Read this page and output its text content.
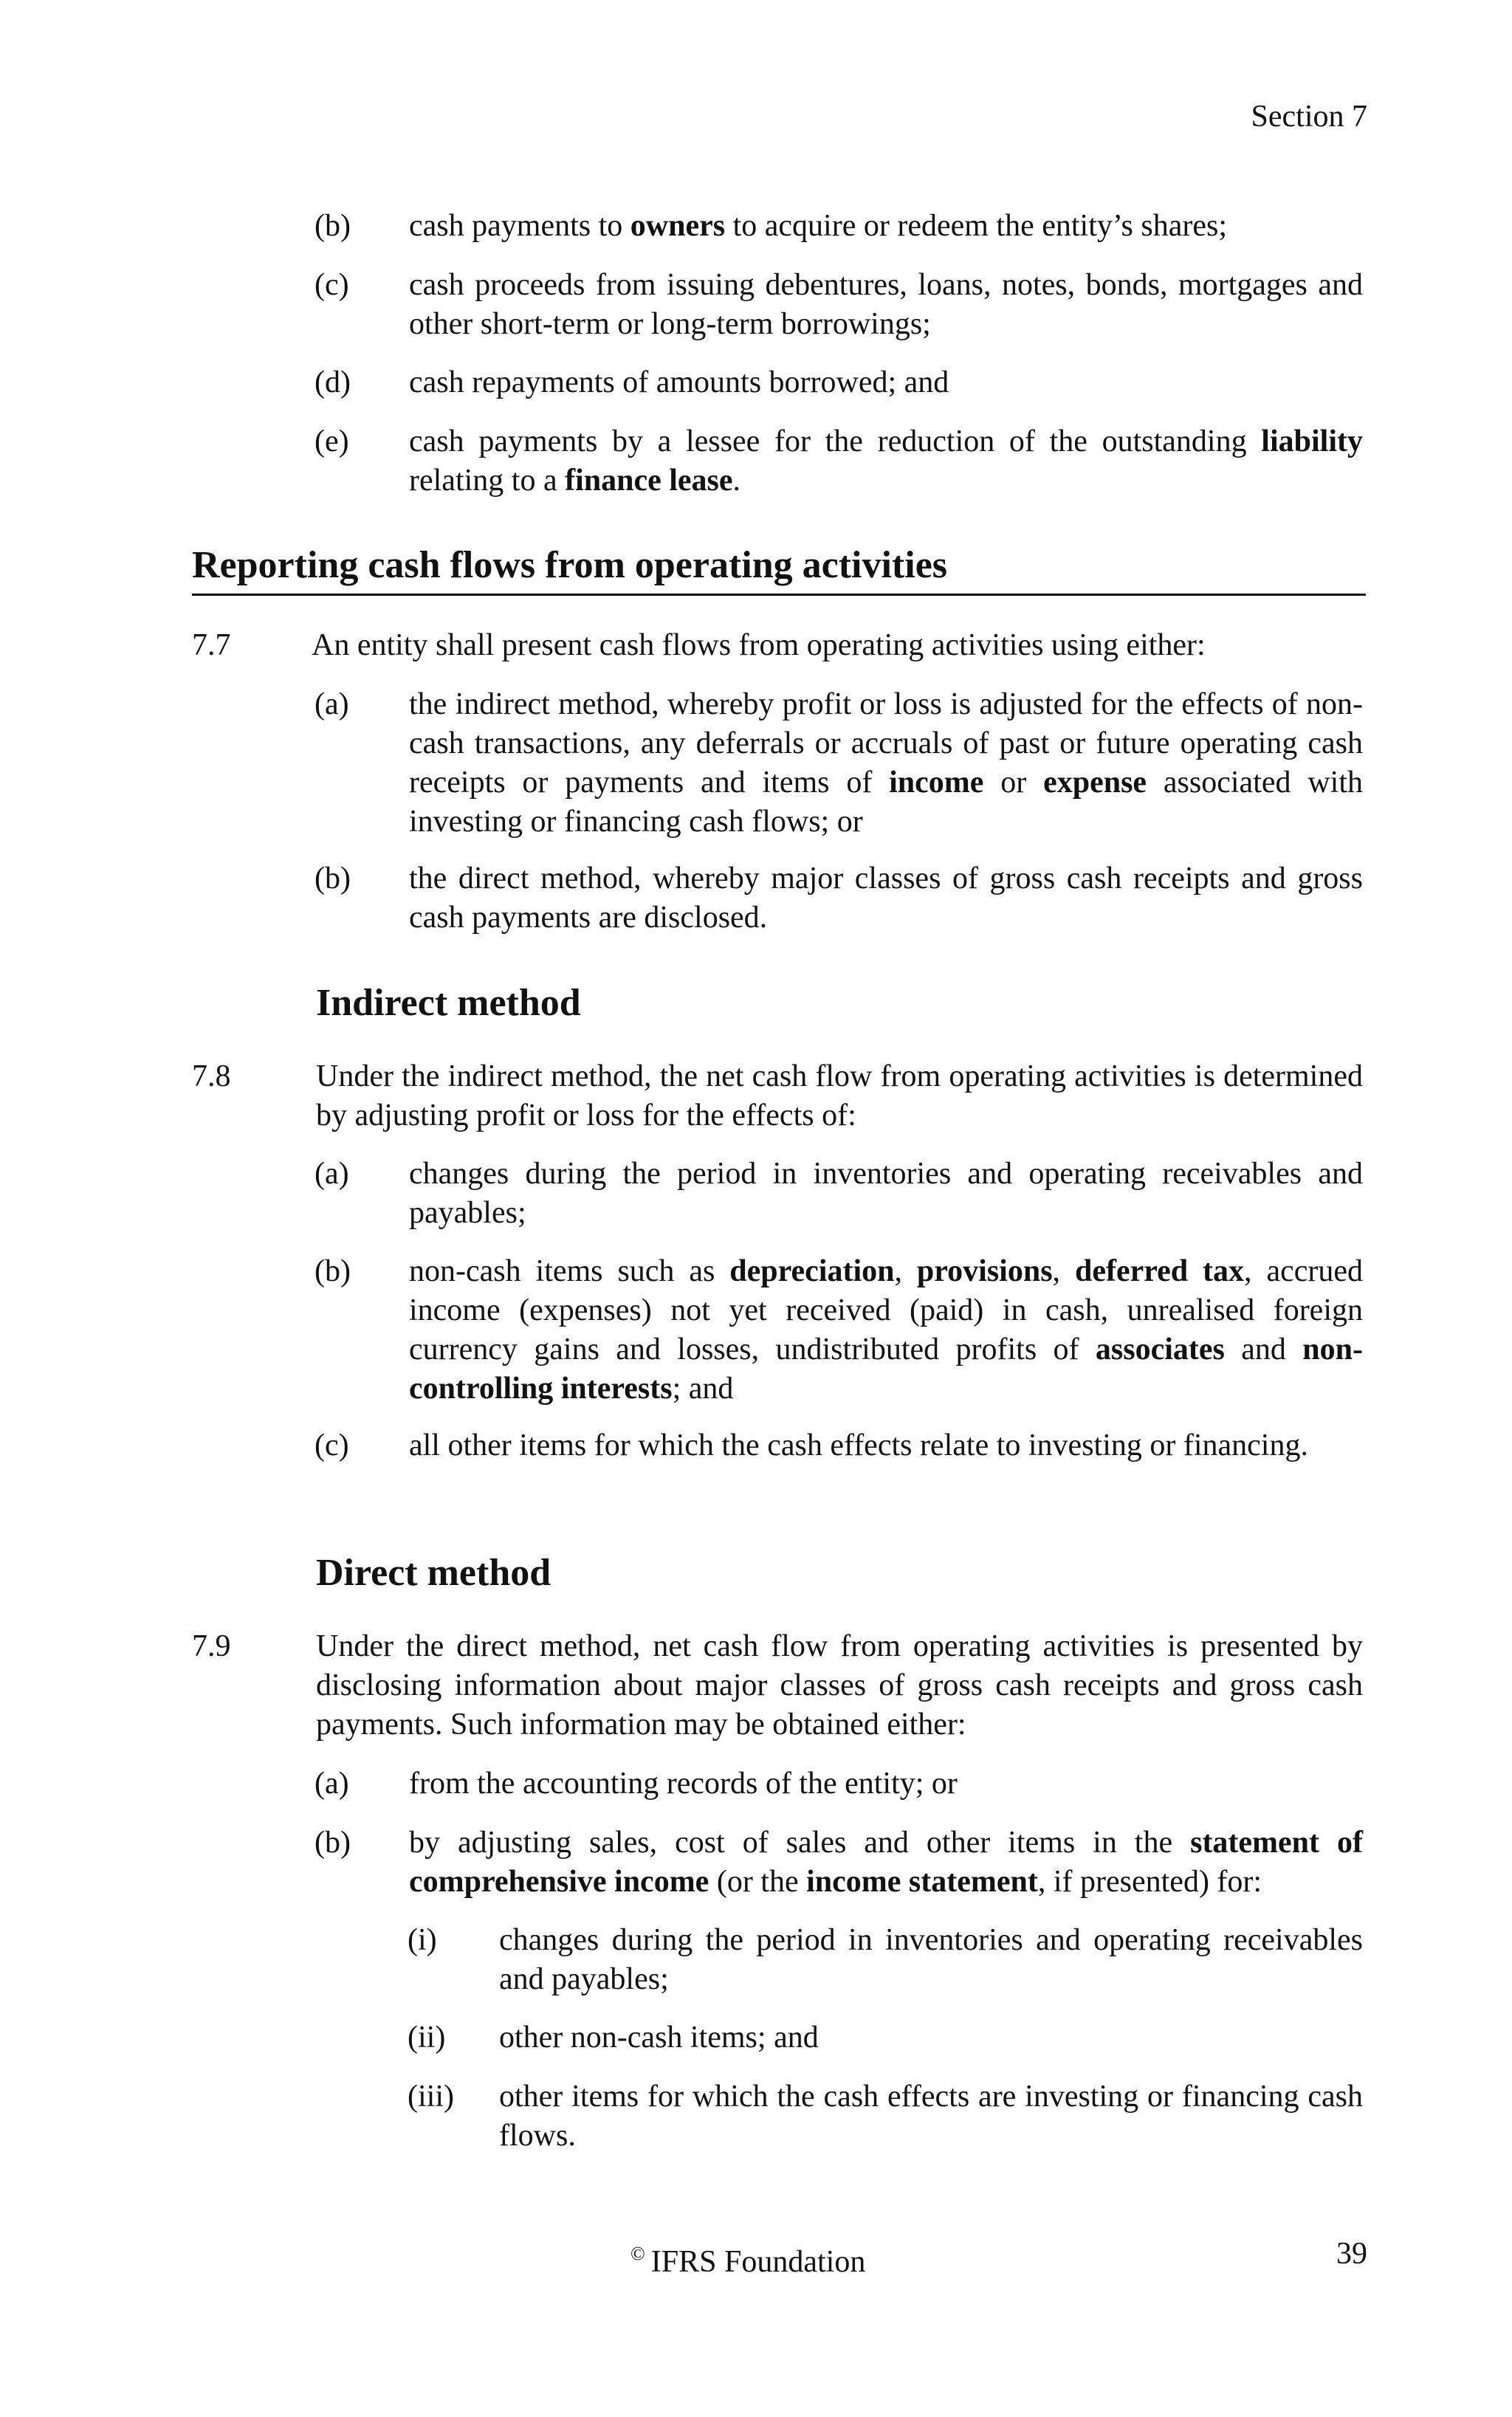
Section 7
(b) cash payments to owners to acquire or redeem the entity’s shares;
(c) cash proceeds from issuing debentures, loans, notes, bonds, mortgages and other short-term or long-term borrowings;
(d) cash repayments of amounts borrowed; and
(e) cash payments by a lessee for the reduction of the outstanding liability relating to a finance lease.
Reporting cash flows from operating activities
7.7	An entity shall present cash flows from operating activities using either:
(a) the indirect method, whereby profit or loss is adjusted for the effects of non-cash transactions, any deferrals or accruals of past or future operating cash receipts or payments and items of income or expense associated with investing or financing cash flows; or
(b) the direct method, whereby major classes of gross cash receipts and gross cash payments are disclosed.
Indirect method
7.8	Under the indirect method, the net cash flow from operating activities is determined by adjusting profit or loss for the effects of:
(a) changes during the period in inventories and operating receivables and payables;
(b) non-cash items such as depreciation, provisions, deferred tax, accrued income (expenses) not yet received (paid) in cash, unrealised foreign currency gains and losses, undistributed profits of associates and non-controlling interests; and
(c) all other items for which the cash effects relate to investing or financing.
Direct method
7.9	Under the direct method, net cash flow from operating activities is presented by disclosing information about major classes of gross cash receipts and gross cash payments. Such information may be obtained either:
(a) from the accounting records of the entity; or
(b) by adjusting sales, cost of sales and other items in the statement of comprehensive income (or the income statement, if presented) for:
(i) changes during the period in inventories and operating receivables and payables;
(ii) other non-cash items; and
(iii) other items for which the cash effects are investing or financing cash flows.
© IFRS Foundation	39
